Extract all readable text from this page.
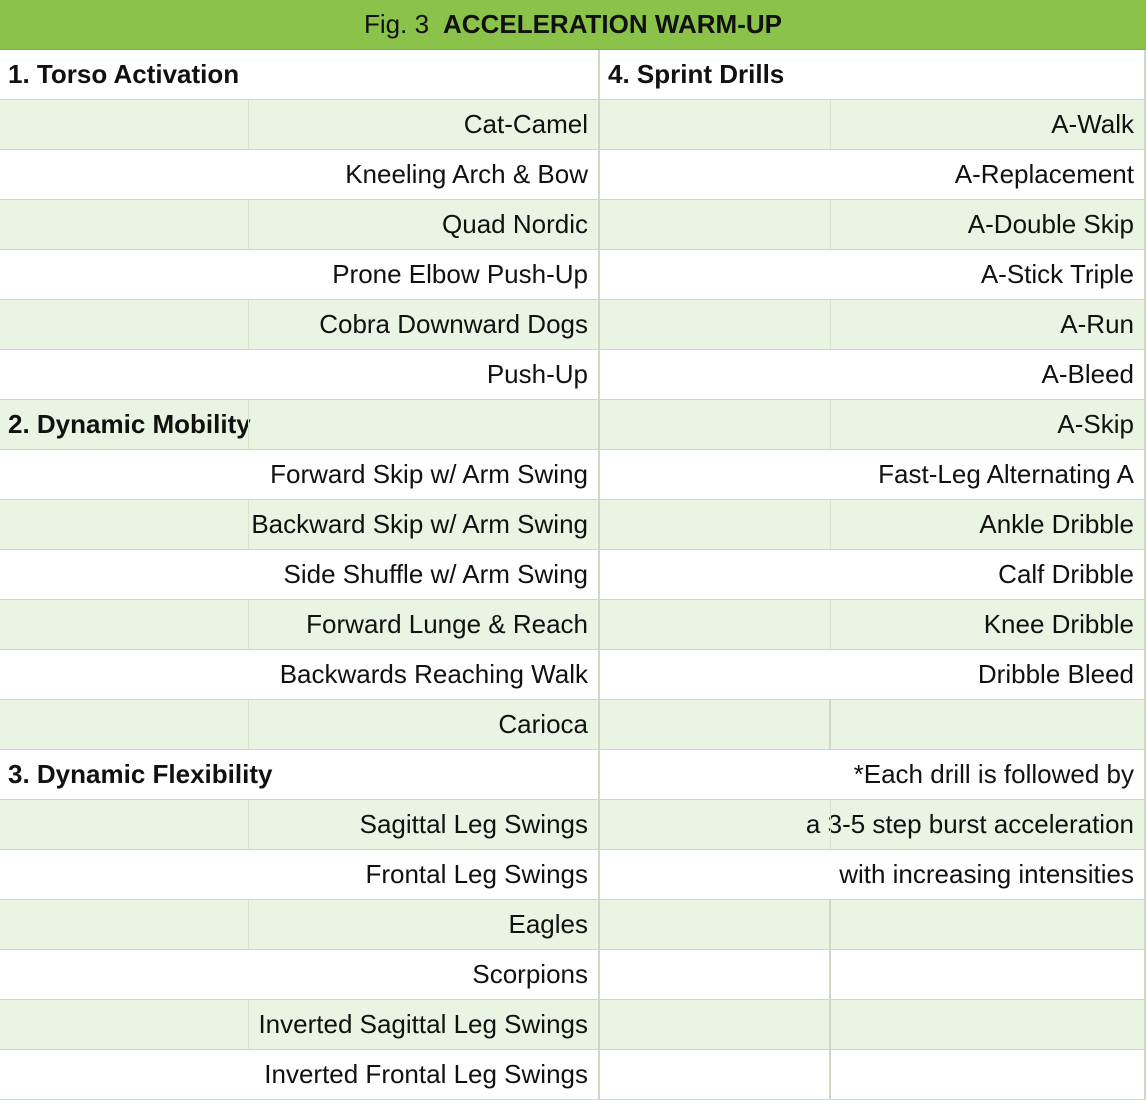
Fig. 3 ACCELERATION WARM-UP
1. Torso Activation	4. Sprint Drills
Cat-Camel	A-Walk
Kneeling Arch & Bow	A-Replacement
Quad Nordic	A-Double Skip
Prone Elbow Push-Up	A-Stick Triple
Cobra Downward Dogs	A-Run
Push-Up	A-Bleed
2. Dynamic Mobility	A-Skip
Forward Skip w/ Arm Swing	Fast-Leg Alternating A
Backward Skip w/ Arm Swing	Ankle Dribble
Side Shuffle w/ Arm Swing	Calf Dribble
Forward Lunge & Reach	Knee Dribble
Backwards Reaching Walk	Dribble Bleed
Carioca
3. Dynamic Flexibility	*Each drill is followed by
Sagittal Leg Swings	a 3-5 step burst acceleration
Frontal Leg Swings	with increasing intensities
Eagles
Scorpions
Inverted Sagittal Leg Swings
Inverted Frontal Leg Swings
